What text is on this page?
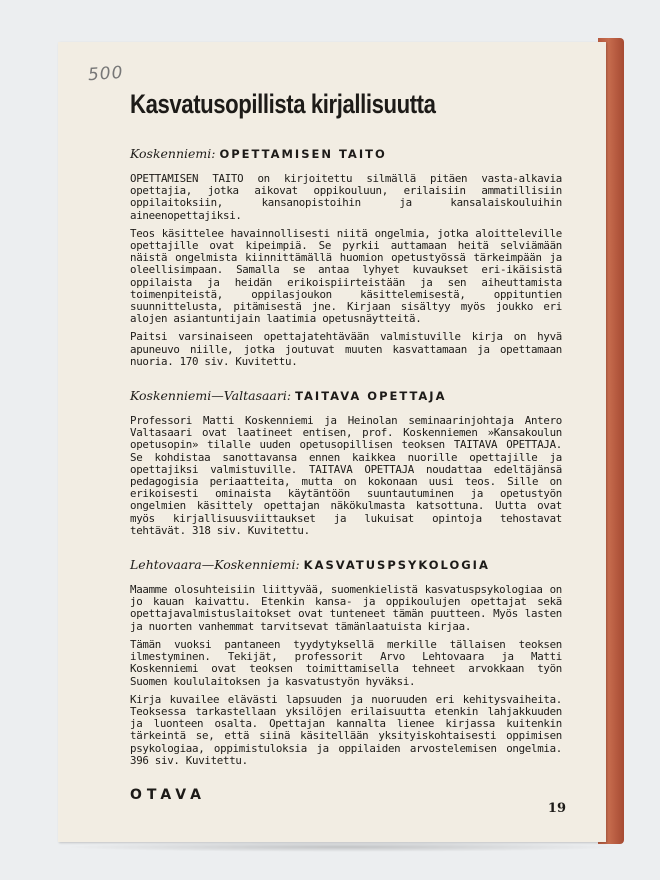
500
Kasvatusopillista kirjallisuutta
Koskenniemi: OPETTAMISEN TAITO

OPETTAMISEN TAITO on kirjoitettu silmällä pitäen vasta-alkavia opettajia, jotka aikovat oppikouluun, erilaisiin ammatillisiin oppilaitoksiin, kansanopistoihin ja kansalaiskouluihin aineenopettajiksi.

Teos käsittelee havainnollisesti niitä ongelmia, jotka aloitteleville opettajille ovat kipeimpiä. Se pyrkii auttamaan heitä selviämään näistä ongelmista kiinnittämällä huomion opetustyössä tärkeimpään ja oleellisimpaan. Samalla se antaa lyhyet kuvaukset eri-ikäisistä oppilaista ja heidän erikoispiirteistään ja sen aiheuttamista toimenpiteistä, oppilasjoukon käsittelemisestä, oppituntien suunnittelusta, pitämisestä jne. Kirjaan sisältyy myös joukko eri alojen asiantuntijain laatimia opetusnäytteitä.

Paitsi varsinaiseen opettajatehtävään valmistuville kirja on hyvä apuneuvo niille, jotka joutuvat muuten kasvattamaan ja opettamaan nuoria. 170 siv. Kuvitettu.

Koskenniemi—Valtasaari: TAITAVA OPETTAJA

Professori Matti Koskenniemi ja Heinolan seminaarinjohtaja Antero Valtasaari ovat laatineet entisen, prof. Koskenniemen »Kansakoulun opetusopin» tilalle uuden opetusopillisen teoksen TAITAVA OPETTAJA. Se kohdistaa sanottavansa ennen kaikkea nuorille opettajille ja opettajiksi valmistuville. TAITAVA OPETTAJA noudattaa edeltäjänsä pedagogisia periaatteita, mutta on kokonaan uusi teos. Sille on erikoisesti ominaista käytäntöön suuntautuminen ja opetustyön ongelmien käsittely opettajan näkökulmasta katsottuna. Uutta ovat myös kirjallisuusviittaukset ja lukuisat opintoja tehostavat tehtävät. 318 siv. Kuvitettu.

Lehtovaara—Koskenniemi: KASVATUSPSYKOLOGIA

Maamme olosuhteisiin liittyvää, suomenkielistä kasvatuspsykologiaa on jo kauan kaivattu. Etenkin kansa- ja oppikoulujen opettajat sekä opettajavalmistuslaitokset ovat tunteneet tämän puutteen. Myös lasten ja nuorten vanhemmat tarvitsevat tämänlaatuista kirjaa.

Tämän vuoksi pantaneen tyydytyksellä merkille tällaisen teoksen ilmestyminen. Tekijät, professorit Arvo Lehtovaara ja Matti Koskenniemi ovat teoksen toimittamisella tehneet arvokkaan työn Suomen koululaitoksen ja kasvatustyön hyväksi.

Kirja kuvailee elävästi lapsuuden ja nuoruuden eri kehitysvaiheita. Teoksessa tarkastellaan yksilöjen erilaisuutta etenkin lahjakkuuden ja luonteen osalta. Opettajan kannalta lienee kirjassa kuitenkin tärkeintä se, että siinä käsitellään yksityiskohtaisesti oppimisen psykologiaa, oppimistuloksia ja oppilaiden arvostelemisen ongelmia. 396 siv. Kuvitettu.

OTAVA
19
